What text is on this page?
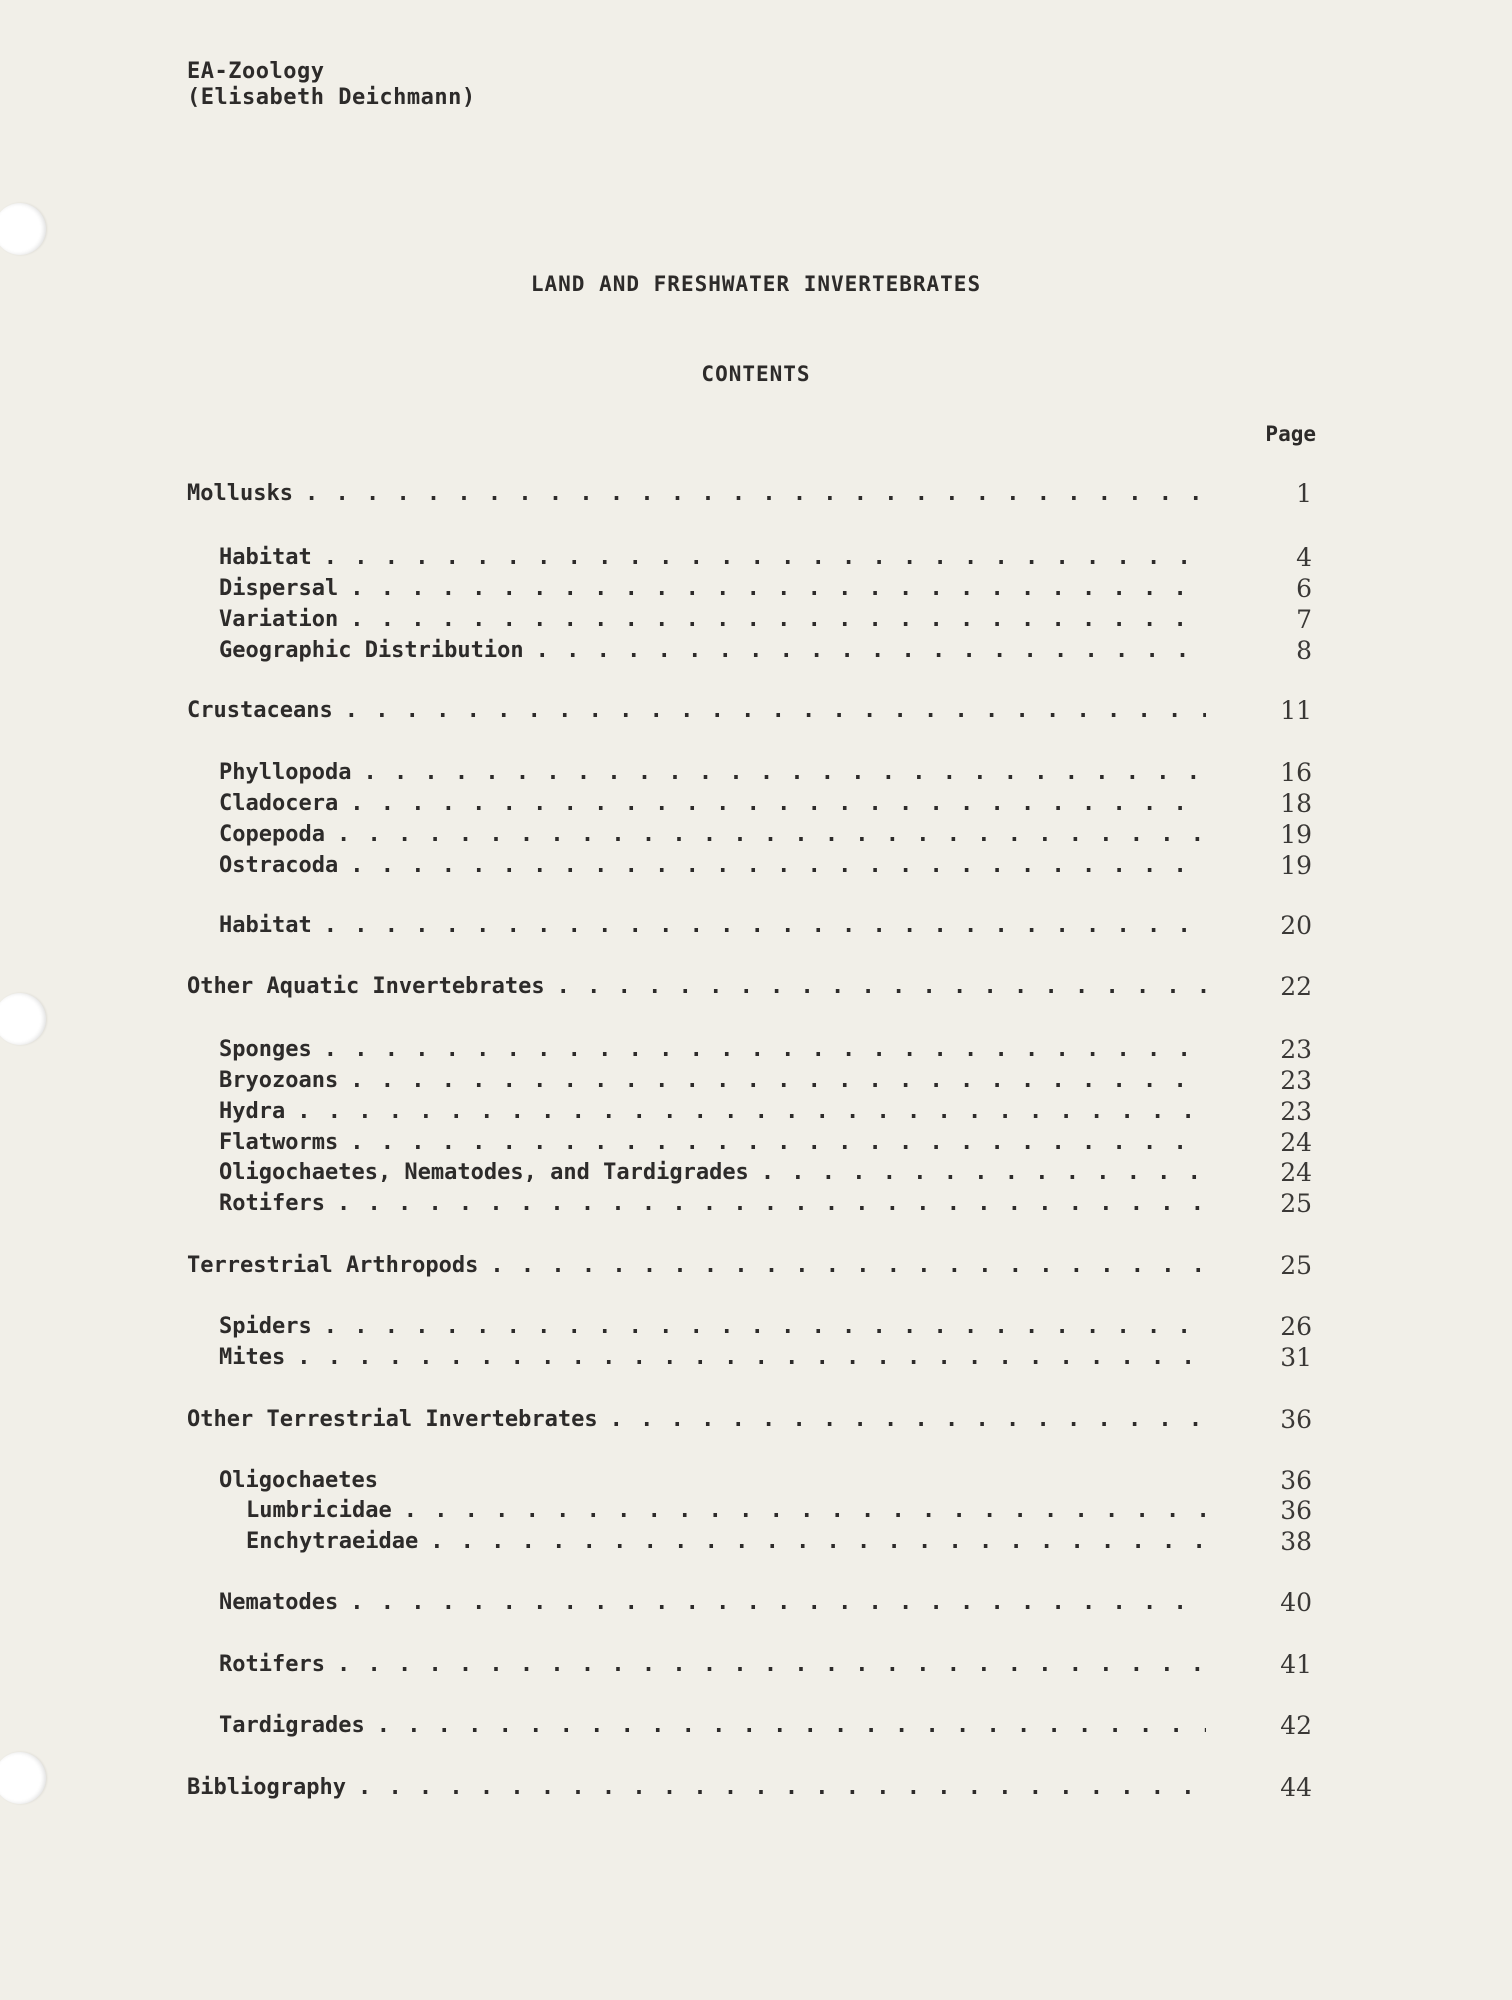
EA-Zoology
(Elisabeth Deichmann)
LAND AND FRESHWATER INVERTEBRATES
CONTENTS
Page
Mollusks . . .	1
Habitat . . .	4
Dispersal . . .	6
Variation . . .	7
Geographic Distribution . . .	8
Crustaceans . . .	11
Phyllopoda . . .	16
Cladocera . . .	18
Copepoda . . .	19
Ostracoda . . .	19
Habitat . . .	20
Other Aquatic Invertebrates . . .	22
Sponges . . .	23
Bryozoans . . .	23
Hydra . . .	23
Flatworms . . .	24
Oligochaetes, Nematodes, and Tardigrades . . .	24
Rotifers . . .	25
Terrestrial Arthropods . . .	25
Spiders . . .	26
Mites . . .	31
Other Terrestrial Invertebrates . . .	36
Oligochaetes	36
Lumbricidae . . .	36
Enchytraeidae . . .	38
Nematodes . . .	40
Rotifers . . .	41
Tardigrades . . .	42
Bibliography . . .	44
